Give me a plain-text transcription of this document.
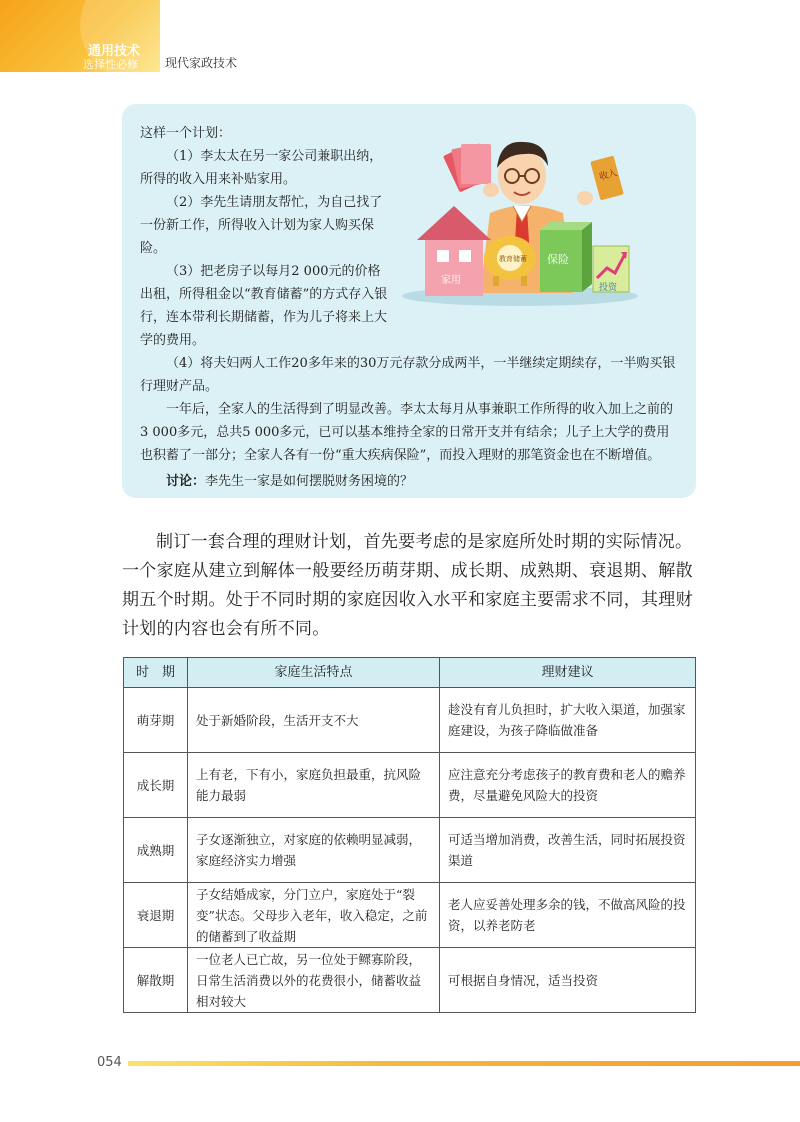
通用技术
选择性必修 现代家政技术
收入
家用
教育储蓄 保险
投资

这样一个计划：

（1）李太太在另一家公司兼职出纳，所得的收入用来补贴家用。

（2）李先生请朋友帮忙，为自己找了一份新工作，所得收入计划为家人购买保险。

（3）把老房子以每月2 000元的价格出租，所得租金以“教育储蓄”的方式存入银行，连本带利长期储蓄，作为儿子将来上大学的费用。

（4）将夫妇两人工作20多年来的30万元存款分成两半，一半继续定期续存，一半购买银行理财产品。

一年后，全家人的生活得到了明显改善。李太太每月从事兼职工作所得的收入加上之前的3 000多元，总共5 000多元，已可以基本维持全家的日常开支并有结余；儿子上大学的费用也积蓄了一部分；全家人各有一份“重大疾病保险”，而投入理财的那笔资金也在不断增值。

讨论：李先生一家是如何摆脱财务困境的？

制订一套合理的理财计划，首先要考虑的是家庭所处时期的实际情况。一个家庭从建立到解体一般要经历萌芽期、成长期、成熟期、衰退期、解散期五个时期。处于不同时期的家庭因收入水平和家庭主要需求不同，其理财计划的内容也会有所不同。

时　期	家庭生活特点	理财建议
萌芽期	处于新婚阶段，生活开支不大	趁没有育儿负担时，扩大收入渠道，加强家庭建设，为孩子降临做准备
成长期	上有老，下有小，家庭负担最重，抗风险能力最弱	应注意充分考虑孩子的教育费和老人的赡养费，尽量避免风险大的投资
成熟期	子女逐渐独立，对家庭的依赖明显减弱，家庭经济实力增强	可适当增加消费，改善生活，同时拓展投资渠道
衰退期	子女结婚成家，分门立户，家庭处于“裂变”状态。父母步入老年，收入稳定，之前的储蓄到了收益期	老人应妥善处理多余的钱，不做高风险的投资，以养老防老
解散期	一位老人已亡故，另一位处于鳏寡阶段，日常生活消费以外的花费很小，储蓄收益相对较大	可根据自身情况，适当投资
054
